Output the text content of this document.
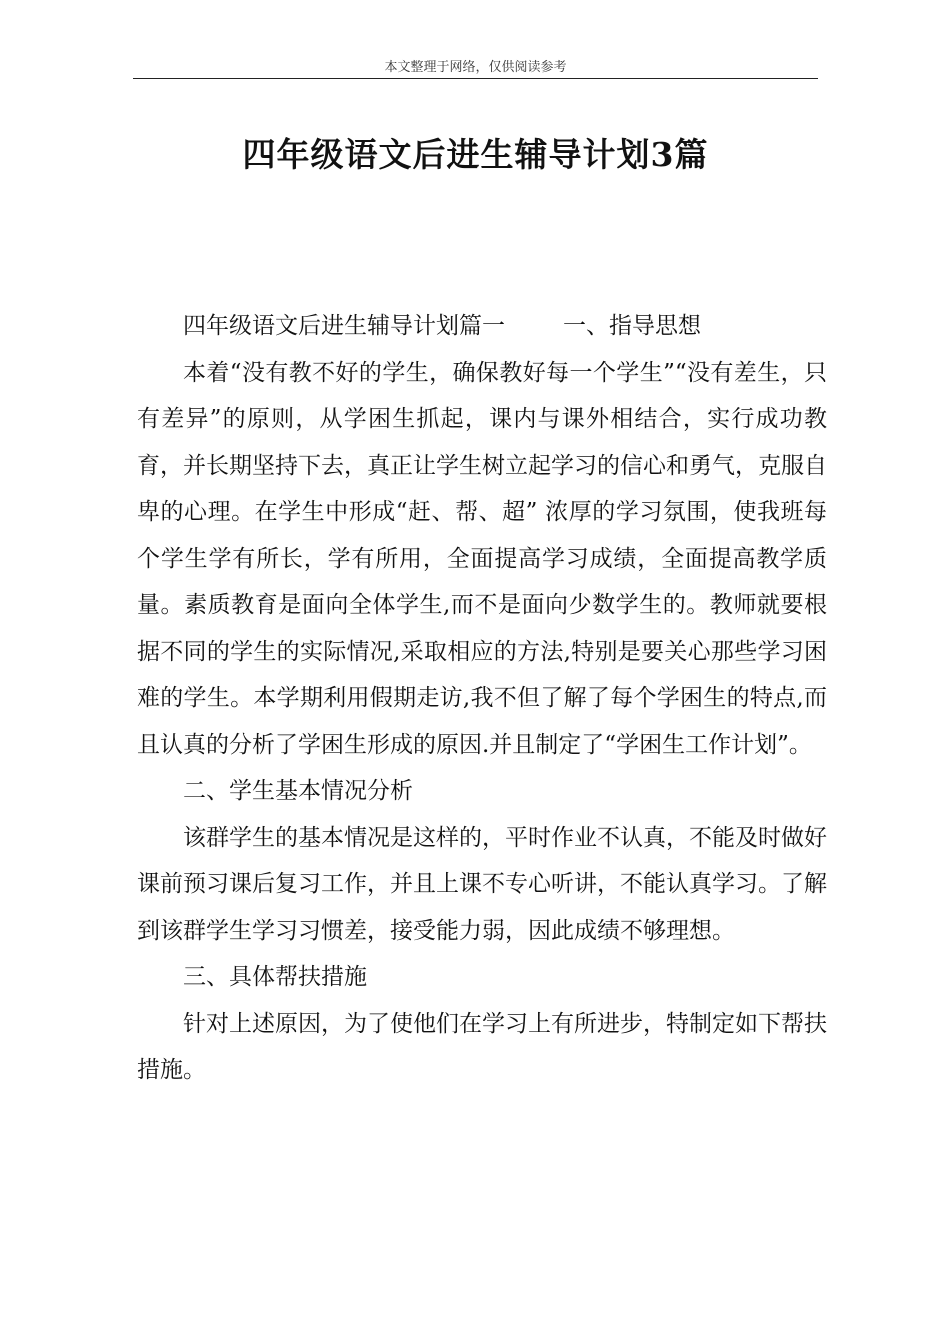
本文整理于网络，仅供阅读参考
四年级语文后进生辅导计划3篇

四年级语文后进生辅导计划篇一	一、指导思想

本着“没有教不好的学生，确保教好每一个学生”“没有差生，只有差异”的原则，从学困生抓起，课内与课外相结合，实行成功教育，并长期坚持下去，真正让学生树立起学习的信心和勇气，克服自卑的心理。在学生中形成“赶、帮、超” 浓厚的学习氛围，使我班每个学生学有所长，学有所用，全面提高学习成绩，全面提高教学质量。素质教育是面向全体学生,而不是面向少数学生的。教师就要根据不同的学生的实际情况,采取相应的方法,特别是要关心那些学习困难的学生。本学期利用假期走访,我不但了解了每个学困生的特点,而且认真的分析了学困生形成的原因.并且制定了“学困生工作计划”。

二、学生基本情况分析

该群学生的基本情况是这样的，平时作业不认真，不能及时做好课前预习课后复习工作，并且上课不专心听讲，不能认真学习。了解到该群学生学习习惯差，接受能力弱，因此成绩不够理想。

三、具体帮扶措施

针对上述原因，为了使他们在学习上有所进步，特制定如下帮扶措施。
